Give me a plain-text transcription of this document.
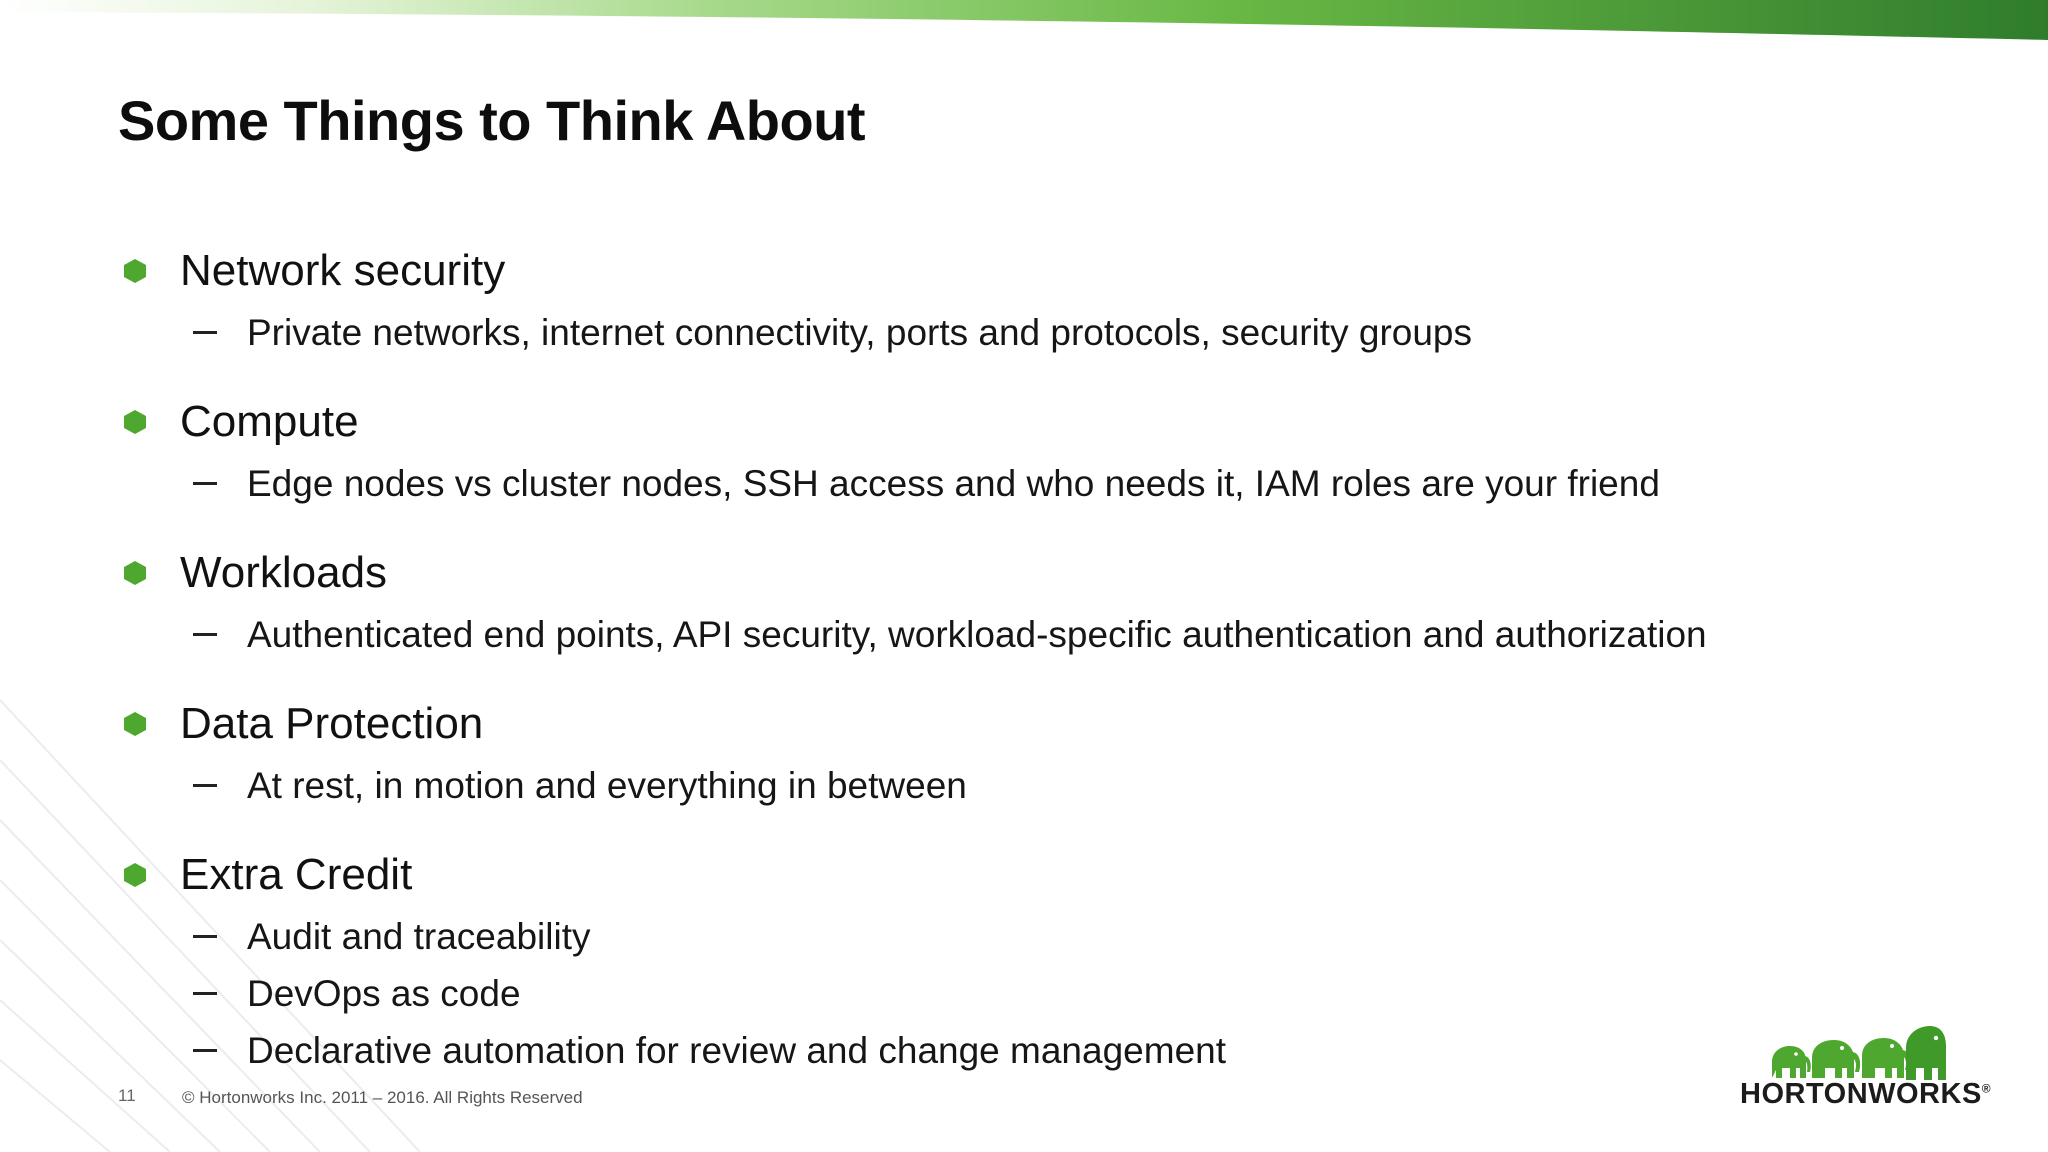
Some Things to Think About
Network security
Private networks, internet connectivity, ports and protocols, security groups
Compute
Edge nodes vs cluster nodes, SSH access and who needs it, IAM roles are your friend
Workloads
Authenticated end points, API security, workload-specific authentication and authorization
Data Protection
At rest, in motion and everything in between
Extra Credit
Audit and traceability
DevOps as code
Declarative automation for review and change management
11	© Hortonworks Inc. 2011 – 2016. All Rights Reserved	HORTONWORKS®
